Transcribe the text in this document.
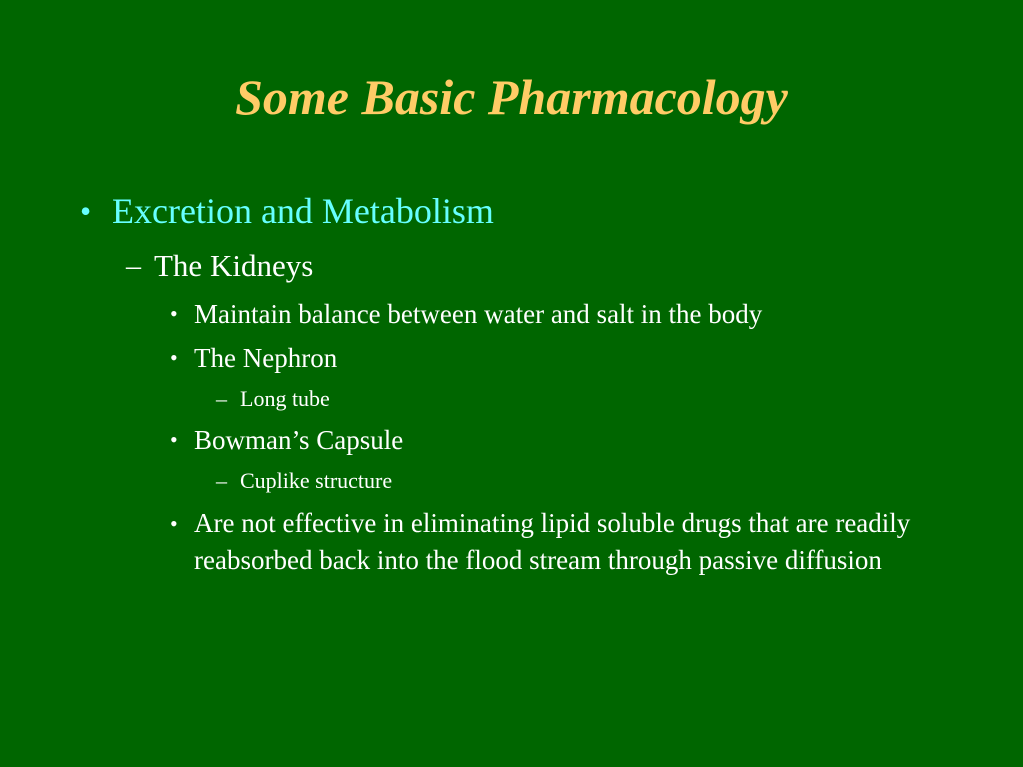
Some Basic Pharmacology
• Excretion and Metabolism
– The Kidneys
• Maintain balance between water and salt in the body
• The Nephron
– Long tube
• Bowman’s Capsule
– Cuplike structure
• Are not effective in eliminating lipid soluble drugs that are readily reabsorbed back into the flood stream through passive diffusion
